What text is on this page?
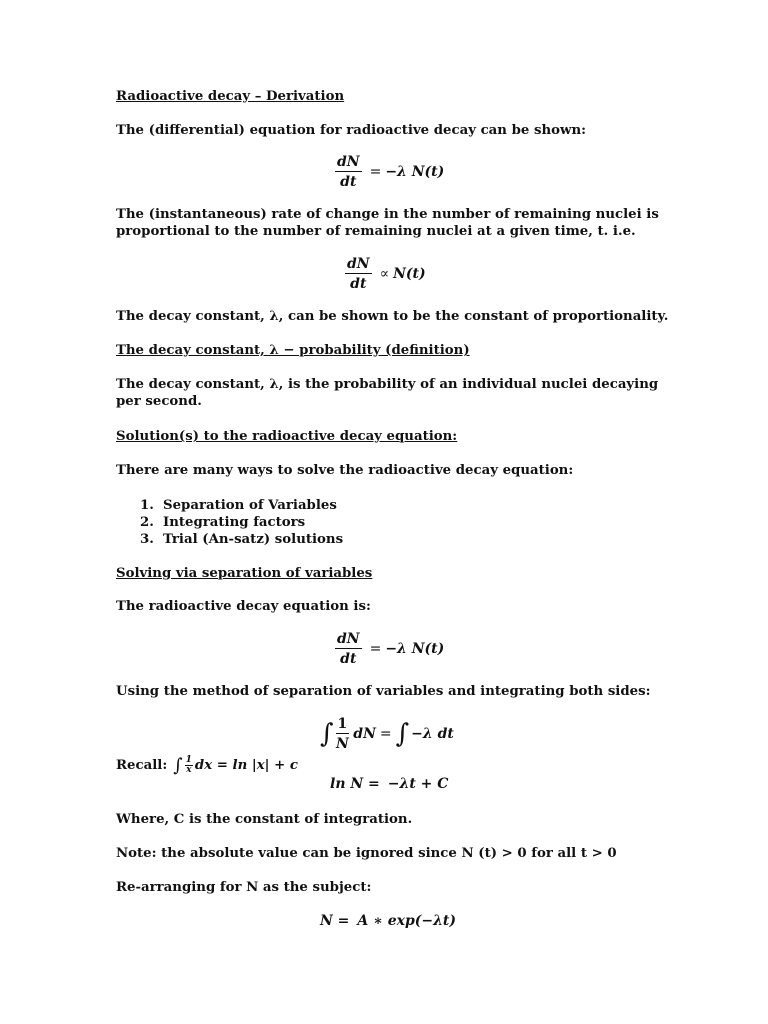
Radioactive decay – Derivation
The (differential) equation for radioactive decay can be shown:
$\frac{dN}{dt} = -\lambda$ N(t)
The (instantaneous) rate of change in the number of remaining nuclei is
proportional to the number of remaining nuclei at a given time, t. i.e.
$\frac{dN}{dt} \propto N(t)$
The decay constant, λ, can be shown to be the constant of proportionality.
The decay constant, λ − probability (definition)
The decay constant, λ, is the probability of an individual nuclei decaying
per second.
Solution(s) to the radioactive decay equation:
There are many ways to solve the radioactive decay equation:
1. Separation of Variables
2. Integrating factors
3. Trial (An-satz) solutions
Solving via separation of variables
The radioactive decay equation is:
$\frac{dN}{dt} = -\lambda$ N(t)
Using the method of separation of variables and integrating both sides:
∫ $\frac{1}{N}$ dN = ∫ −λ dt
Recall: ∫ $\frac{1}{x}$ dx = ln |x| + c
ln N = −λt + C
Where, C is the constant of integration.
Note: the absolute value can be ignored since N (t) > 0 for all t > 0
Re-arranging for N as the subject:
N = A ∗ exp(−λt)
